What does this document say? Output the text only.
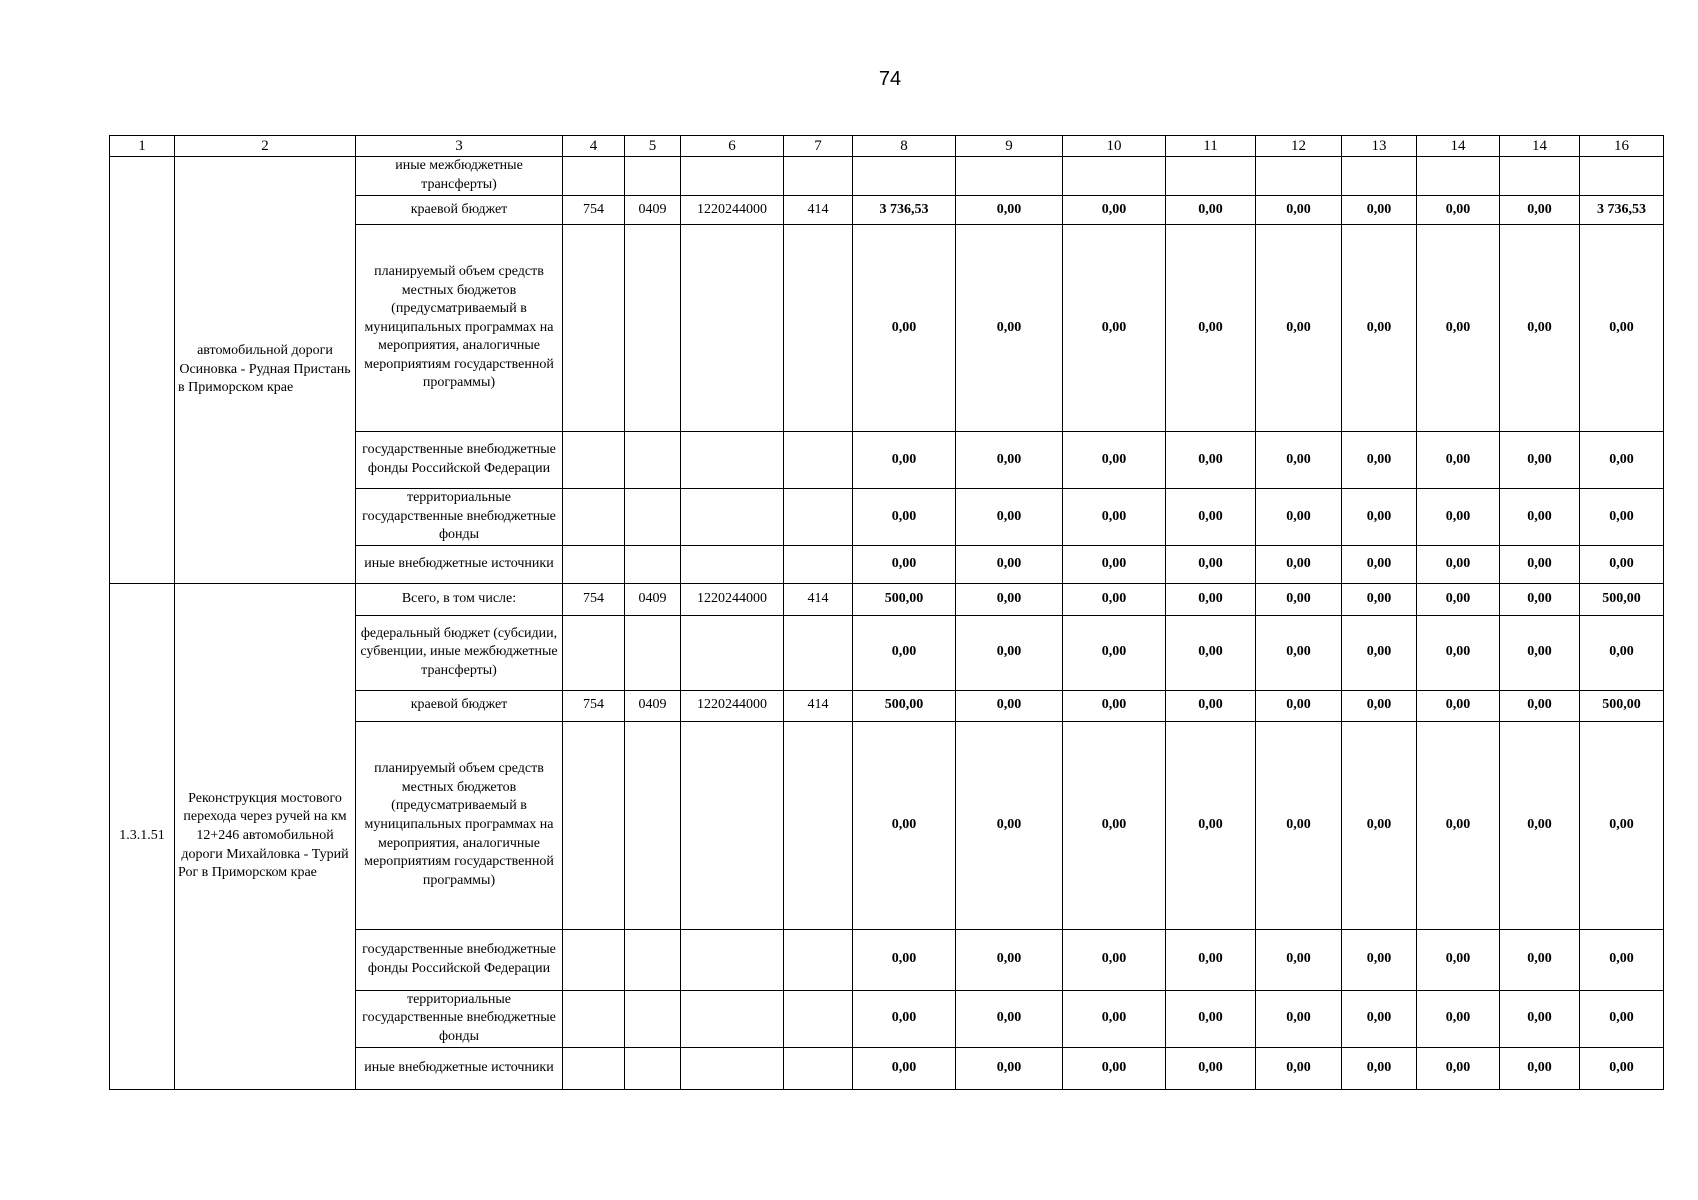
74
1	2	3	4	5	6	7	8	9	10	11	12	13	14	14	16
	автомобильной дороги Осиновка - Рудная Пристань в Приморском крае	иные межбюджетные трансферты)													
		краевой бюджет	754	0409	1220244000	414	3 736,53	0,00	0,00	0,00	0,00	0,00	0,00	0,00	3 736,53
		планируемый объем средств местных бюджетов (предусматриваемый в муниципальных программах на мероприятия, аналогичные мероприятиям государственной программы)					0,00	0,00	0,00	0,00	0,00	0,00	0,00	0,00	0,00
		государственные внебюджетные фонды Российской Федерации					0,00	0,00	0,00	0,00	0,00	0,00	0,00	0,00	0,00
		территориальные государственные внебюджетные фонды					0,00	0,00	0,00	0,00	0,00	0,00	0,00	0,00	0,00
		иные внебюджетные источники					0,00	0,00	0,00	0,00	0,00	0,00	0,00	0,00	0,00
1.3.1.51	Реконструкция мостового перехода через ручей на км 12+246 автомобильной дороги Михайловка - Турий Рог в Приморском крае	Всего, в том числе:	754	0409	1220244000	414	500,00	0,00	0,00	0,00	0,00	0,00	0,00	0,00	500,00
		федеральный бюджет (субсидии, субвенции, иные межбюджетные трансферты)					0,00	0,00	0,00	0,00	0,00	0,00	0,00	0,00	0,00
		краевой бюджет	754	0409	1220244000	414	500,00	0,00	0,00	0,00	0,00	0,00	0,00	0,00	500,00
		планируемый объем средств местных бюджетов (предусматриваемый в муниципальных программах на мероприятия, аналогичные мероприятиям государственной программы)					0,00	0,00	0,00	0,00	0,00	0,00	0,00	0,00	0,00
		государственные внебюджетные фонды Российской Федерации					0,00	0,00	0,00	0,00	0,00	0,00	0,00	0,00	0,00
		территориальные государственные внебюджетные фонды					0,00	0,00	0,00	0,00	0,00	0,00	0,00	0,00	0,00
		иные внебюджетные источники					0,00	0,00	0,00	0,00	0,00	0,00	0,00	0,00	0,00
